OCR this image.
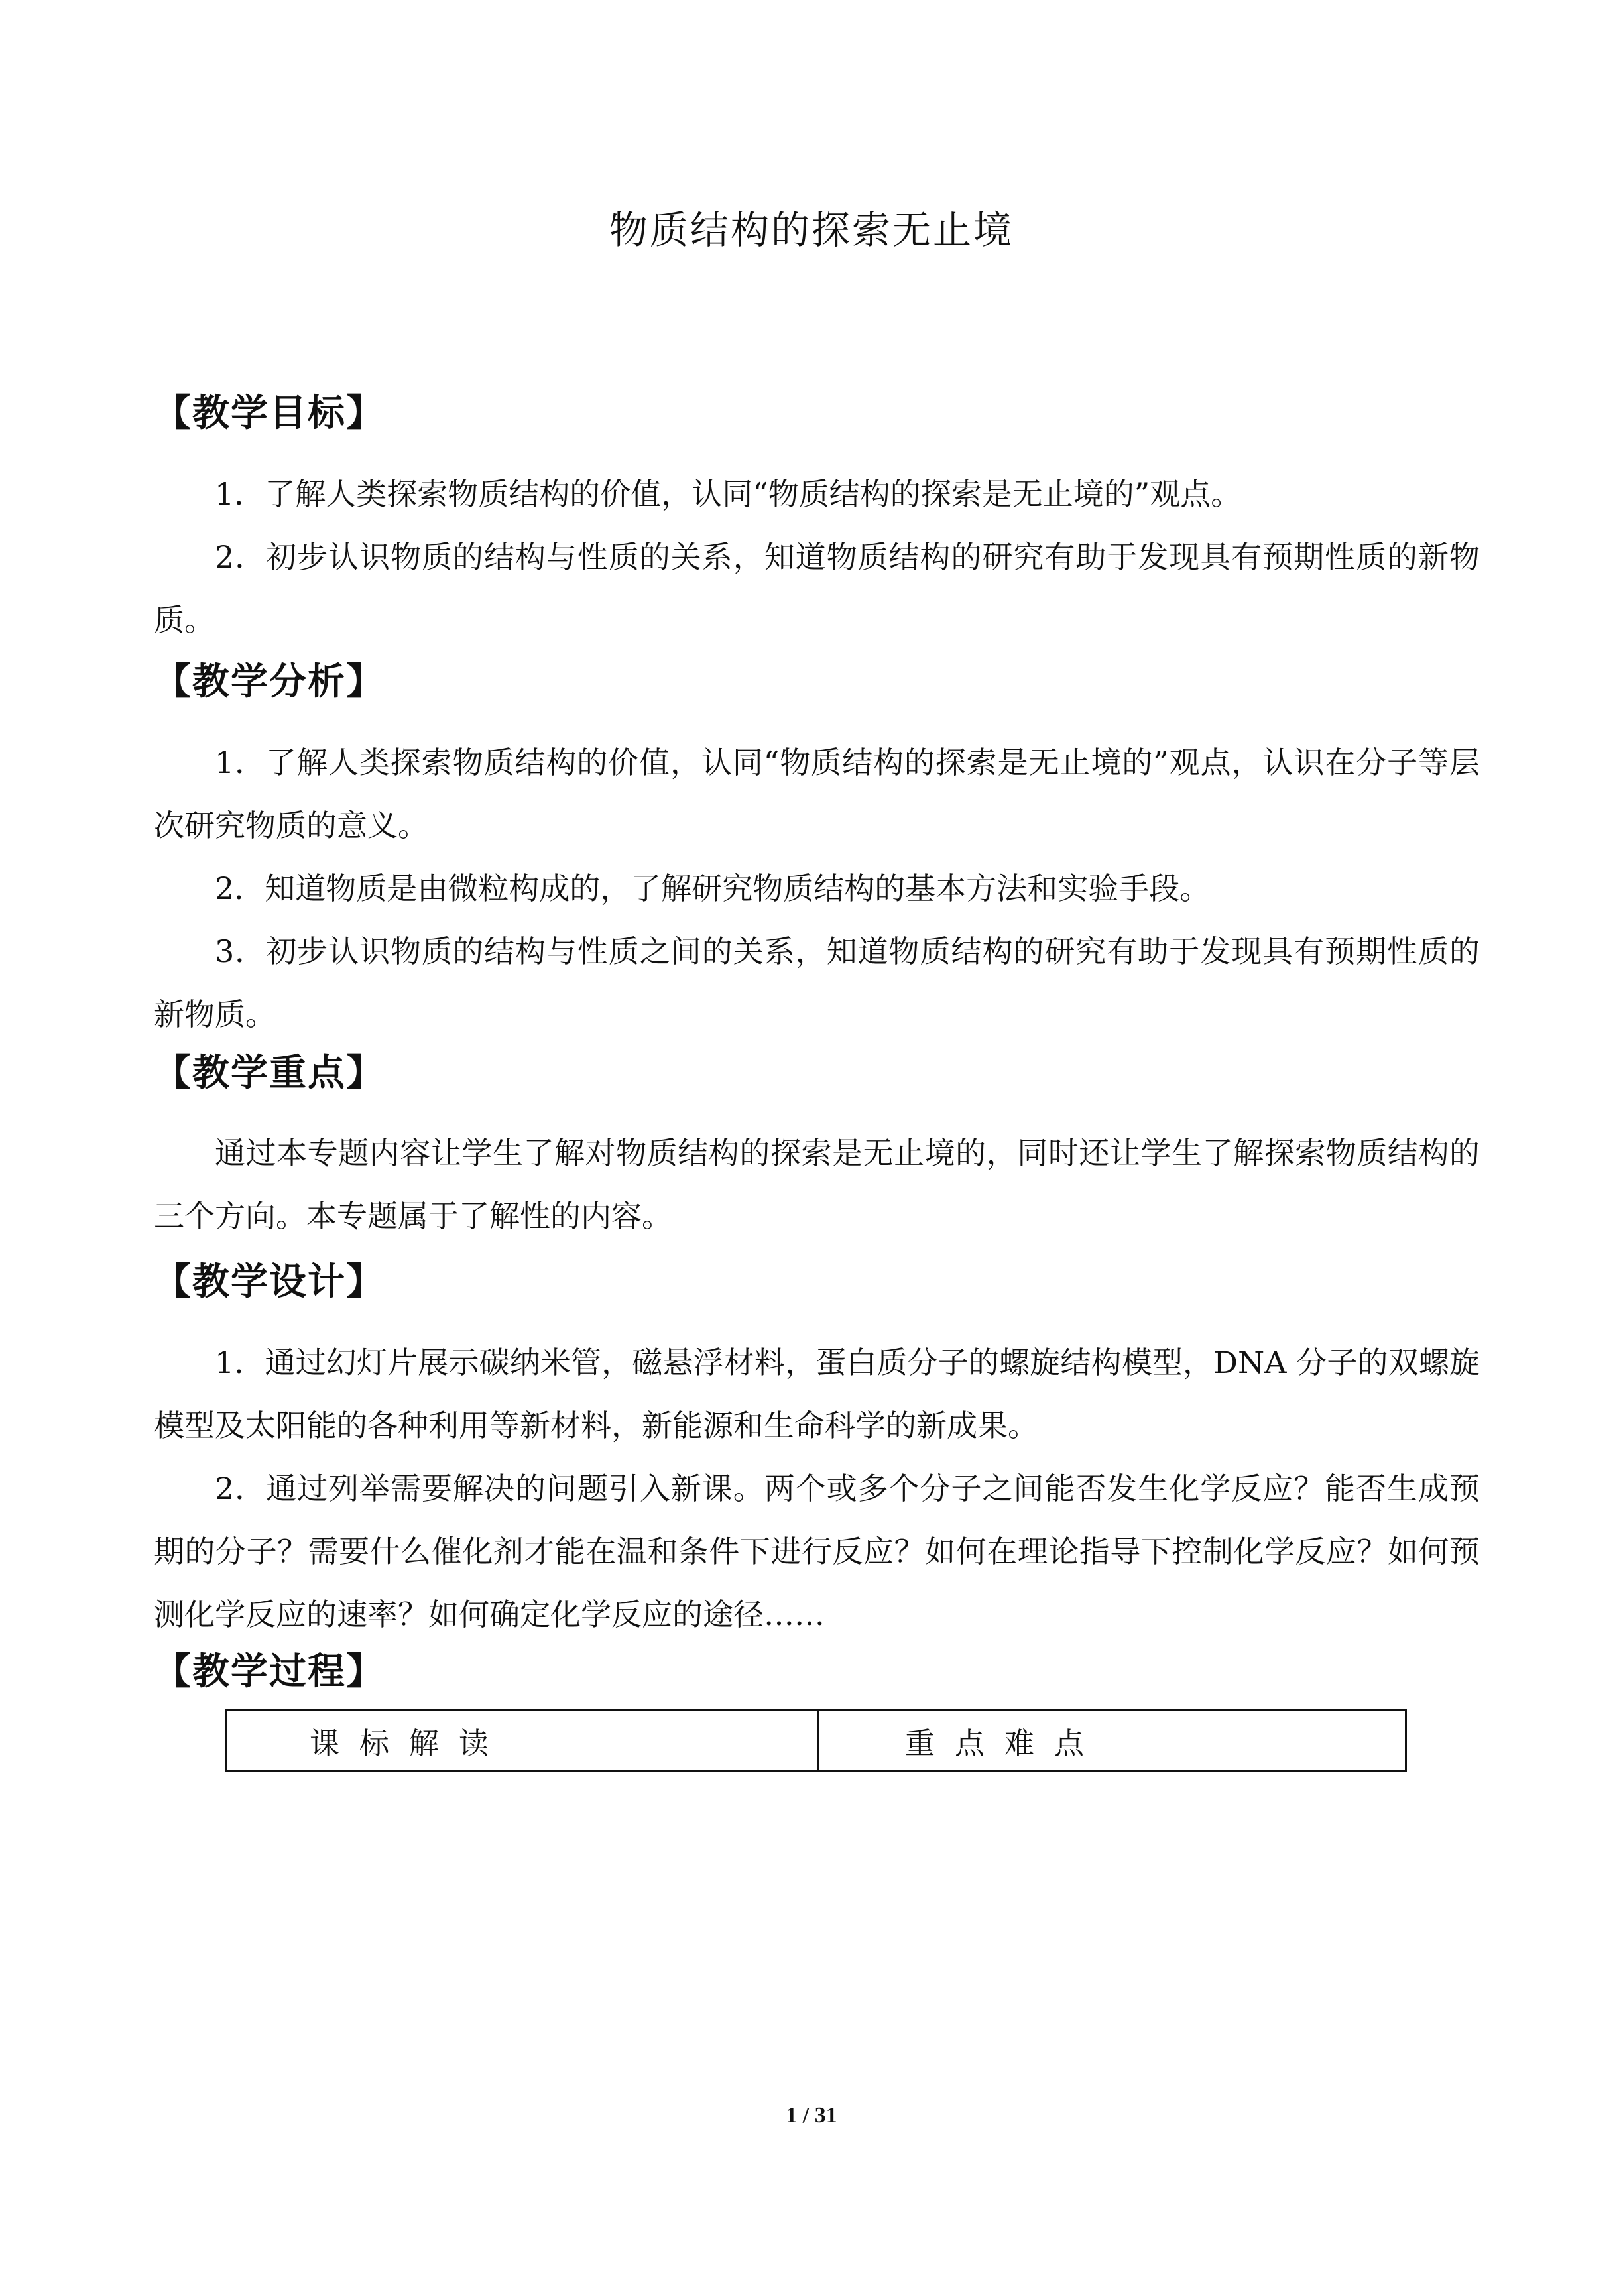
物质结构的探索无止境
【教学目标】

1．了解人类探索物质结构的价值，认同“物质结构的探索是无止境的”观点。

2．初步认识物质的结构与性质的关系，知道物质结构的研究有助于发现具有预期性质的新物质。

【教学分析】

1．了解人类探索物质结构的价值，认同“物质结构的探索是无止境的”观点，认识在分子等层次研究物质的意义。

2．知道物质是由微粒构成的，了解研究物质结构的基本方法和实验手段。

3．初步认识物质的结构与性质之间的关系，知道物质结构的研究有助于发现具有预期性质的新物质。

【教学重点】

通过本专题内容让学生了解对物质结构的探索是无止境的，同时还让学生了解探索物质结构的三个方向。本专题属于了解性的内容。

【教学设计】

1．通过幻灯片展示碳纳米管，磁悬浮材料，蛋白质分子的螺旋结构模型，DNA 分子的双螺旋模型及太阳能的各种利用等新材料，新能源和生命科学的新成果。

2．通过列举需要解决的问题引入新课。两个或多个分子之间能否发生化学反应？能否生成预期的分子？需要什么催化剂才能在温和条件下进行反应？如何在理论指导下控制化学反应？如何预测化学反应的速率？如何确定化学反应的途径……

【教学过程】
课标解读	重点难点
1 / 31
